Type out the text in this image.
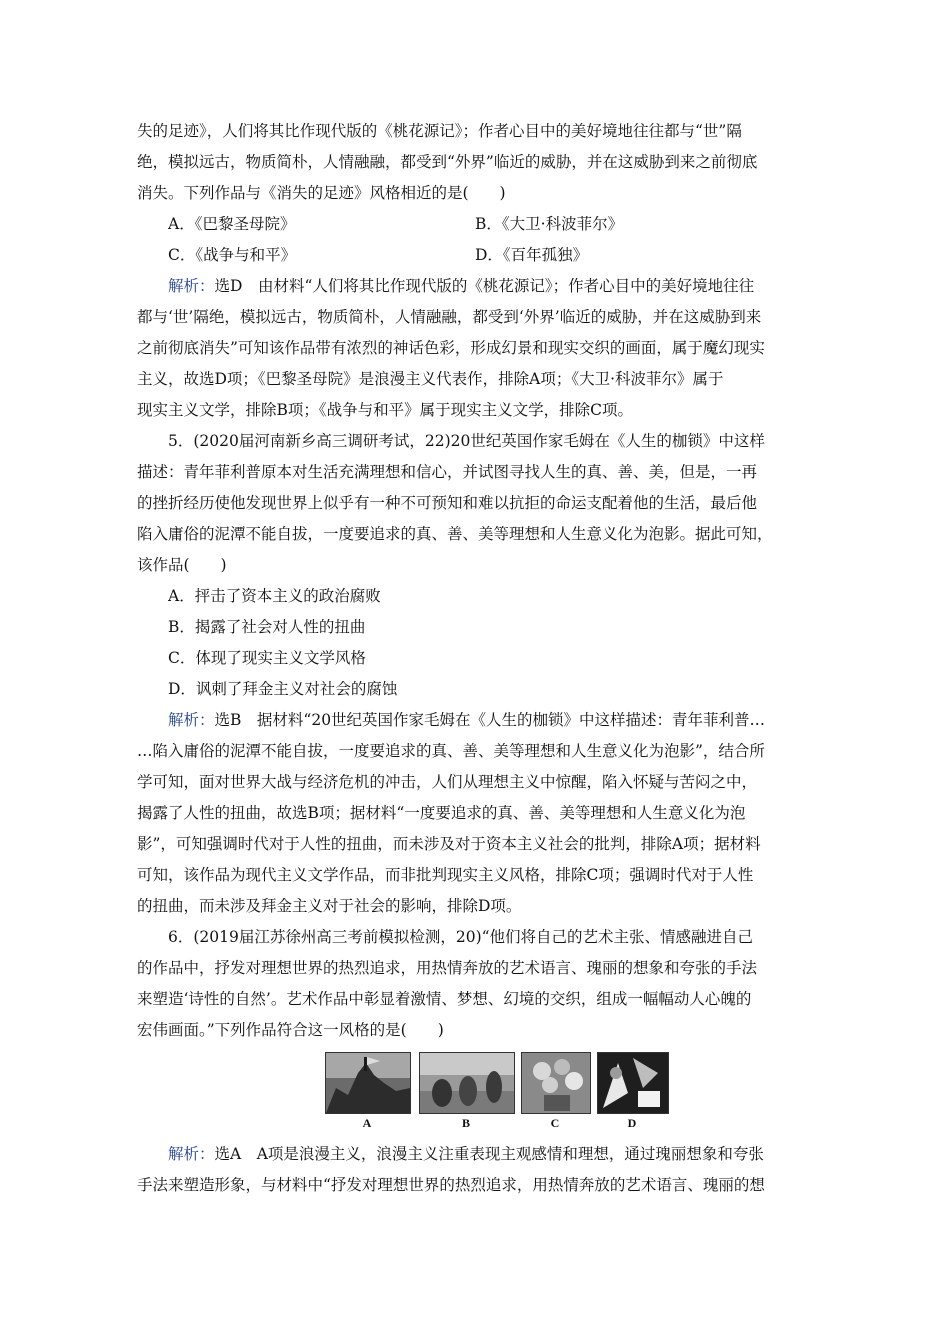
失的足迹》，人们将其比作现代版的《桃花源记》；作者心目中的美好境地往往都与“世”隔
绝，模拟远古，物质简朴，人情融融，都受到“外界”临近的威胁，并在这威胁到来之前彻底
消失。下列作品与《消失的足迹》风格相近的是(　　)
A．《巴黎圣母院》	B．《大卫·科波菲尔》
C．《战争与和平》	D．《百年孤独》
解析：选D　由材料“人们将其比作现代版的《桃花源记》；作者心目中的美好境地往往
都与‘世’隔绝，模拟远古，物质简朴，人情融融，都受到‘外界’临近的威胁，并在这威胁到来
之前彻底消失”可知该作品带有浓烈的神话色彩，形成幻景和现实交织的画面，属于魔幻现实
主义，故选D项；《巴黎圣母院》是浪漫主义代表作，排除A项；《大卫·科波菲尔》属于
现实主义文学，排除B项；《战争与和平》属于现实主义文学，排除C项。
5．(2020届河南新乡高三调研考试，22)20世纪英国作家毛姆在《人生的枷锁》中这样
描述：青年菲利普原本对生活充满理想和信心，并试图寻找人生的真、善、美，但是，一再
的挫折经历使他发现世界上似乎有一种不可预知和难以抗拒的命运支配着他的生活，最后他
陷入庸俗的泥潭不能自拔，一度要追求的真、善、美等理想和人生意义化为泡影。据此可知，
该作品(　　)
A．抨击了资本主义的政治腐败
B．揭露了社会对人性的扭曲
C．体现了现实主义文学风格
D．讽刺了拜金主义对社会的腐蚀
解析：选B　据材料“20世纪英国作家毛姆在《人生的枷锁》中这样描述：青年菲利普…
…陷入庸俗的泥潭不能自拔，一度要追求的真、善、美等理想和人生意义化为泡影”，结合所
学可知，面对世界大战与经济危机的冲击，人们从理想主义中惊醒，陷入怀疑与苦闷之中，
揭露了人性的扭曲，故选B项；据材料“一度要追求的真、善、美等理想和人生意义化为泡
影”，可知强调时代对于人性的扭曲，而未涉及对于资本主义社会的批判，排除A项；据材料
可知，该作品为现代主义文学作品，而非批判现实主义风格，排除C项；强调时代对于人性
的扭曲，而未涉及拜金主义对于社会的影响，排除D项。
6．(2019届江苏徐州高三考前模拟检测，20)“他们将自己的艺术主张、情感融进自己
的作品中，抒发对理想世界的热烈追求，用热情奔放的艺术语言、瑰丽的想象和夸张的手法
来塑造‘诗性的自然’。艺术作品中彰显着激情、梦想、幻境的交织，组成一幅幅动人心魄的
宏伟画面。”下列作品符合这一风格的是(　　)
A	B	C	D
解析：选A　A项是浪漫主义，浪漫主义注重表现主观感情和理想，通过瑰丽想象和夸张
手法来塑造形象，与材料中“抒发对理想世界的热烈追求，用热情奔放的艺术语言、瑰丽的想
